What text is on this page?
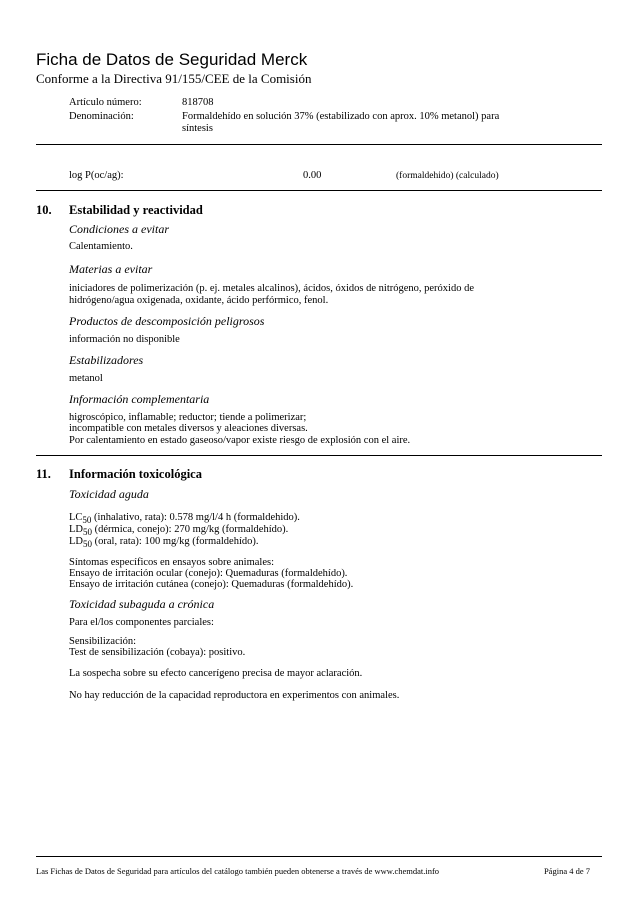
Ficha de Datos de Seguridad Merck
Conforme a la Directiva 91/155/CEE de la Comisión
Artículo número:	818708
Denominación:	Formaldehído en solución 37% (estabilizado con aprox. 10% metanol) para
síntesis
log P(oc/ag):	0.00	(formaldehido) (calculado)
10. Estabilidad y reactividad
Condiciones a evitar
Calentamiento.
Materias a evitar
iniciadores de polimerización (p. ej. metales alcalinos), ácidos, óxidos de nitrógeno, peróxido de
hidrógeno/agua oxigenada, oxidante, ácido perfórmico, fenol.
Productos de descomposición peligrosos
información no disponible
Estabilizadores
metanol
Información complementaria
higroscópico, inflamable; reductor; tiende a polimerizar;
incompatible con metales diversos y aleaciones diversas.
Por calentamiento en estado gaseoso/vapor existe riesgo de explosión con el aire.
11. Información toxicológica
Toxicidad aguda
$LC_{50}$ (inhalativo, rata): 0.578 mg/l/4 h (formaldehido).
$LD_{50}$ (dérmica, conejo): 270 mg/kg (formaldehído).
$LD_{50}$ (oral, rata): 100 mg/kg (formaldehído).
Síntomas específicos en ensayos sobre animales:
Ensayo de irritación ocular (conejo): Quemaduras (formaldehído).
Ensayo de irritación cutánea (conejo): Quemaduras (formaldehído).
Toxicidad subaguda a crónica
Para el/los componentes parciales:
Sensibilización:
Test de sensibilización (cobaya): positivo.
La sospecha sobre su efecto cancerígeno precisa de mayor aclaración.
No hay reducción de la capacidad reproductora en experimentos con animales.
Las Fichas de Datos de Seguridad para artículos del catálogo también pueden obtenerse a través de www.chemdat.info	Página 4 de 7
